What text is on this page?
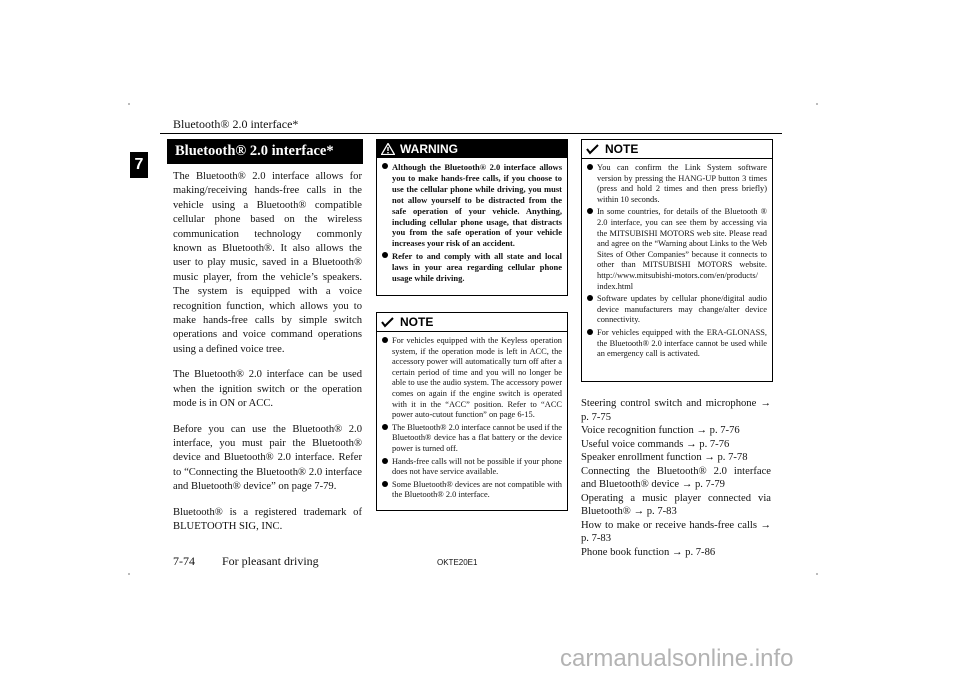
Bluetooth® 2.0 interface*
7
Bluetooth® 2.0 interface*

The Bluetooth® 2.0 interface allows for making/receiving hands-free calls in the vehicle using a Bluetooth® compatible cellular phone based on the wireless communication technology commonly known as Bluetooth®. It also allows the user to play music, saved in a Bluetooth® music player, from the vehicle’s speakers. The system is equipped with a voice recognition function, which allows you to make hands-free calls by simple switch operations and voice command operations using a defined voice tree.

The Bluetooth® 2.0 interface can be used when the ignition switch or the operation mode is in ON or ACC.

Before you can use the Bluetooth® 2.0 interface, you must pair the Bluetooth® device and Bluetooth® 2.0 interface. Refer to “Connecting the Bluetooth® 2.0 interface and Bluetooth® device” on page 7-79.

Bluetooth® is a registered trademark of BLUETOOTH SIG, INC.

WARNING
Although the Bluetooth® 2.0 interface allows you to make hands-free calls, if you choose to use the cellular phone while driving, you must not allow yourself to be distracted from the safe operation of your vehicle. Anything, including cellular phone usage, that distracts you from the safe operation of your vehicle increases your risk of an accident.
Refer to and comply with all state and local laws in your area regarding cellular phone usage while driving.
NOTE
For vehicles equipped with the Keyless operation system, if the operation mode is left in ACC, the accessory power will automatically turn off after a certain period of time and you will no longer be able to use the audio system. The accessory power comes on again if the engine switch is operated with it in the “ACC” position. Refer to “ACC power auto-cutout function” on page 6-15.
The Bluetooth® 2.0 interface cannot be used if the Bluetooth® device has a flat battery or the device power is turned off.
Hands-free calls will not be possible if your phone does not have service available.
Some Bluetooth® devices are not compatible with the Bluetooth® 2.0 interface.
NOTE
You can confirm the Link System software version by pressing the HANG-UP button 3 times (press and hold 2 times and then press briefly) within 10 seconds.
In some countries, for details of the Bluetooth ® 2.0 interface, you can see them by accessing via the MITSUBISHI MOTORS web site. Please read and agree on the “Warning about Links to the Web Sites of Other Companies” because it connects to other than MITSUBISHI MOTORS website. http://www.mitsubishi-motors.com/en/products/ index.html
Software updates by cellular phone/digital audio device manufacturers may change/alter device connectivity.
For vehicles equipped with the ERA-GLONASS, the Bluetooth® 2.0 interface cannot be used while an emergency call is activated.
Steering control switch and microphone → p. 7-75
Voice recognition function → p. 7-76
Useful voice commands → p. 7-76
Speaker enrollment function → p. 7-78
Connecting the Bluetooth® 2.0 interface and Bluetooth® device → p. 7-79
Operating a music player connected via Bluetooth® → p. 7-83
How to make or receive hands-free calls → p. 7-83
Phone book function → p. 7-86
7-74 For pleasant driving	OKTE20E1
carmanualsonline.info
